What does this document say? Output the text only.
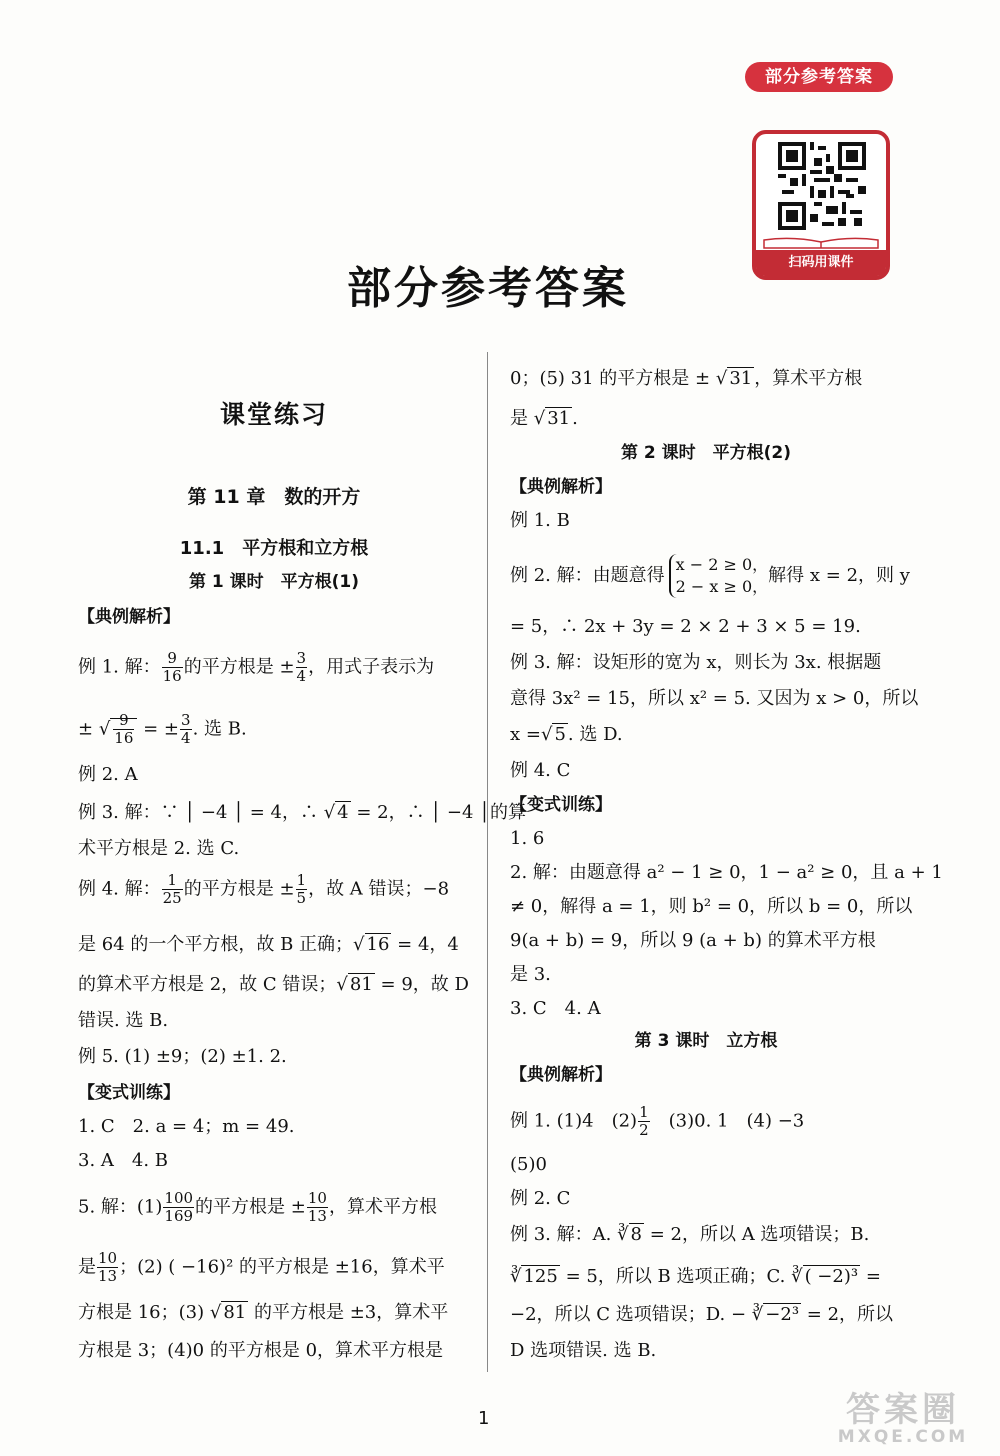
部分参考答案
扫码用课件
部分参考答案
课堂练习
第 11 章　数的开方
11.1　平方根和立方根
第 1 课时　平方根(1)
【典例解析】
例 1. 解： $\frac{9}{16}$ 的平方根是 ± $\frac{3}{4}$ ，用式子表示为
± √ $\frac{9}{16}$ = ± $\frac{3}{4}$ . 选 B.
例 2. A
例 3. 解：∵ │ −4 │ = 4，∴ √ 4 = 2，∴ │ −4 │的算
术平方根是 2. 选 C.
例 4. 解： $\frac{1}{25}$ 的平方根是 ± $\frac{1}{5}$ ，故 A 错误；−8
是 64 的一个平方根，故 B 正确；√ 16 = 4，4
的算术平方根是 2，故 C 错误；√ 81 = 9，故 D
错误. 选 B.
例 5. (1) ±9；(2) ±1. 2.
【变式训练】
1. C　2. a = 4；m = 49.
3. A　4. B
5. 解：$(1) \frac{100}{169}$ 的平方根是 ± $\frac{10}{13}$ ，算术平方根
是 $\frac{10}{13}$ ；(2) ( −16)² 的平方根是 ±16，算术平
方根是 16；(3) √ 81 的平方根是 ±3，算术平
方根是 3；(4)0 的平方根是 0，算术平方根是
0；(5) 31 的平方根是 ± √ 31 ，算术平方根
是 √ 31 .
第 2 课时　平方根(2)
【典例解析】
例 1. B
例 2. 解：由题意得
x − 2 ≥ 0，
2 − x ≥ 0，
解得 x = 2，则 y
= 5，∴ 2x + 3y = 2 × 2 + 3 × 5 = 19.
例 3. 解：设矩形的宽为 x，则长为 3x. 根据题
意得 3x² = 15，所以 x² = 5. 又因为 x > 0，所以
x =√ 5 . 选 D.
例 4. C
【变式训练】
1. 6
2. 解：由题意得 a² − 1 ≥ 0，1 − a² ≥ 0，且 a + 1
≠ 0，解得 a = 1，则 b² = 0，所以 b = 0，所以
9(a + b) = 9，所以 9 (a + b) 的算术平方根
是 3.
3. C　4. A
第 3 课时　立方根
【典例解析】
例 1. (1)4　$(2) \frac{1}{2}$ 　(3)0. 1　(4) −3
(5)0
例 2. C
例 3. 解：A. ∛ 8 = 2，所以 A 选项错误；B.
∛ 125 = 5，所以 B 选项正确；C. ∛ ( −2)³ =
−2，所以 C 选项错误；D. − ∛ −2³ = 2，所以
D 选项错误. 选 B.
1	答案圈
MXQE.COM
